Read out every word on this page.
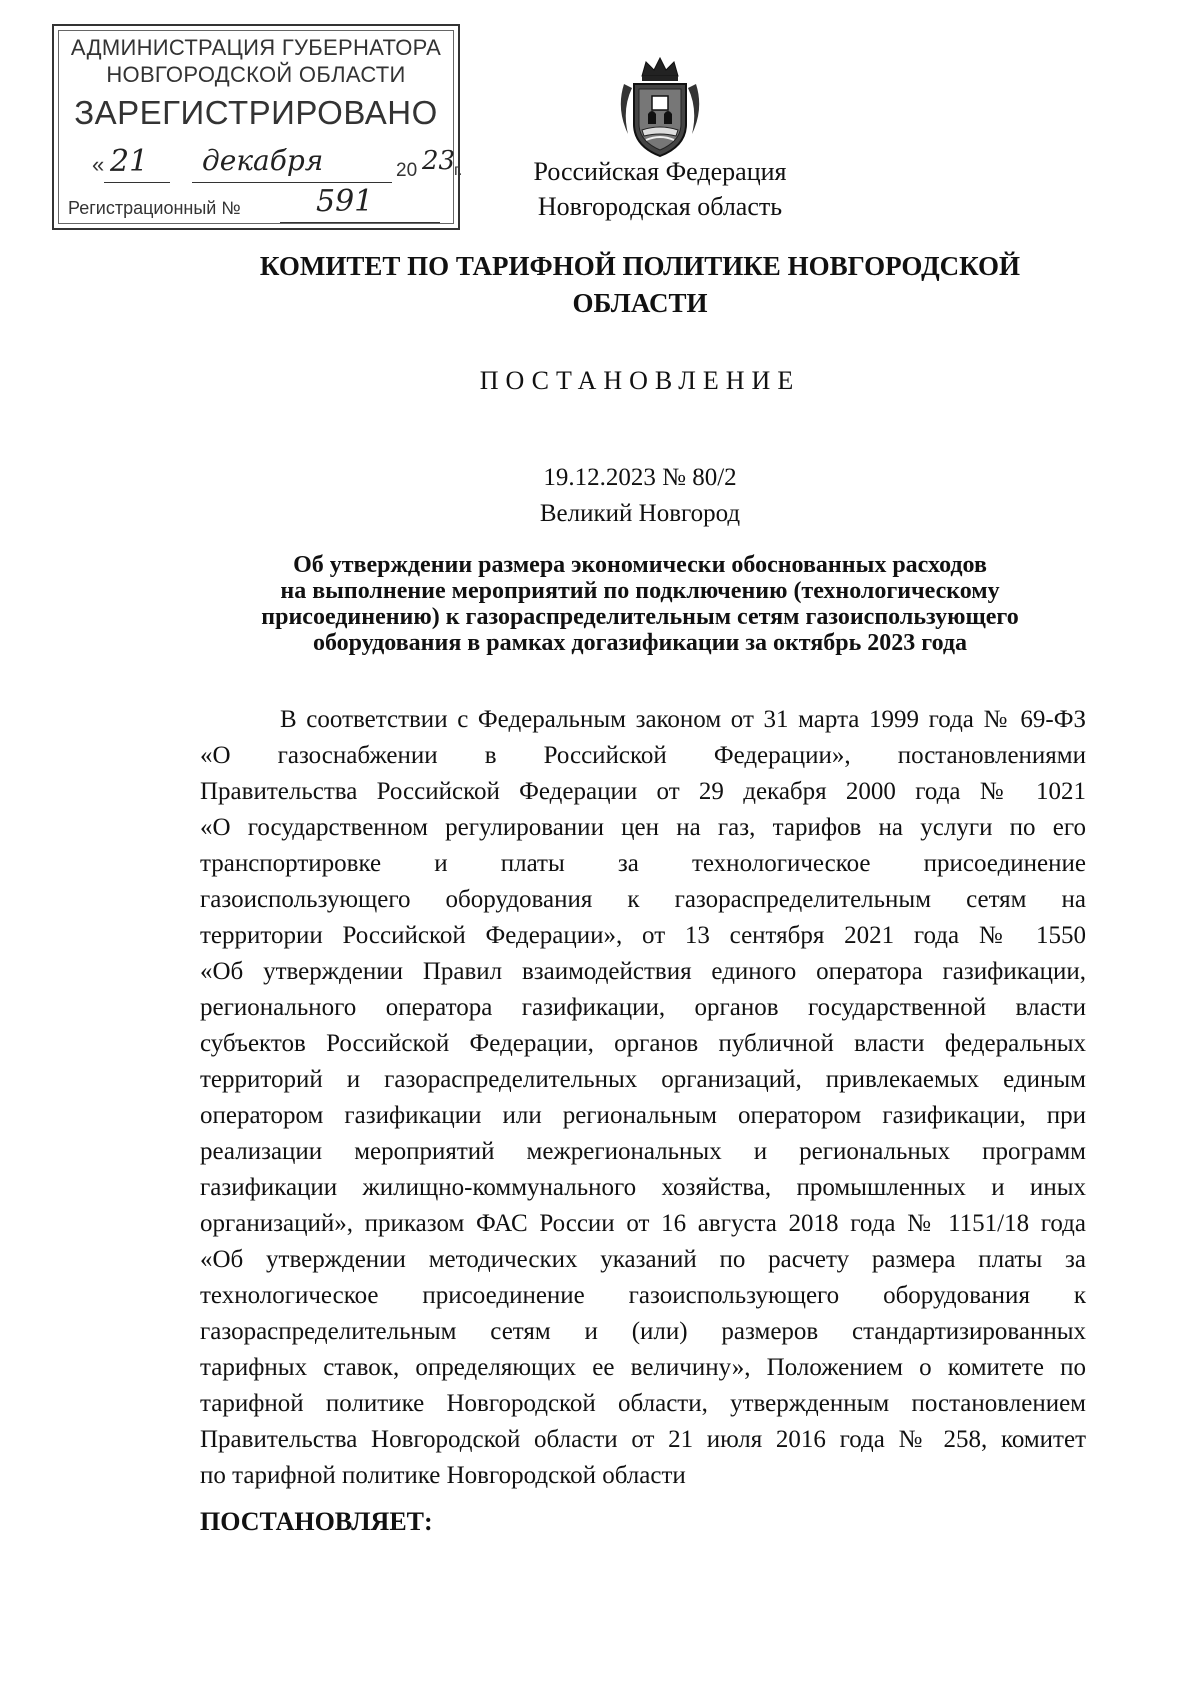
АДМИНИСТРАЦИЯ ГУБЕРНАТОРА
НОВГОРОДСКОЙ ОБЛАСТИ
ЗАРЕГИСТРИРОВАНО
« 21 декабря	20 23
г.
Регистрационный №	591
Российская Федерация
Новгородская область
КОМИТЕТ ПО ТАРИФНОЙ ПОЛИТИКЕ НОВГОРОДСКОЙ
ОБЛАСТИ
ПОСТАНОВЛЕНИЕ
19.12.2023 № 80/2
Великий Новгород
Об утверждении размера экономически обоснованных расходов
на выполнение мероприятий по подключению (технологическому
присоединению) к газораспределительным сетям газоиспользующего
оборудования в рамках догазификации за октябрь 2023 года
В соответствии с Федеральным законом от 31 марта 1999 года № 69-ФЗ
«О газоснабжении в Российской Федерации», постановлениями
Правительства Российской Федерации от 29 декабря 2000 года № 1021
«О государственном регулировании цен на газ, тарифов на услуги по его
транспортировке и платы за технологическое присоединение
газоиспользующего оборудования к газораспределительным сетям на
территории Российской Федерации», от 13 сентября 2021 года № 1550
«Об утверждении Правил взаимодействия единого оператора газификации,
регионального оператора газификации, органов государственной власти
субъектов Российской Федерации, органов публичной власти федеральных
территорий и газораспределительных организаций, привлекаемых единым
оператором газификации или региональным оператором газификации, при
реализации мероприятий межрегиональных и региональных программ
газификации жилищно-коммунального хозяйства, промышленных и иных
организаций», приказом ФАС России от 16 августа 2018 года № 1151/18 года
«Об утверждении методических указаний по расчету размера платы за
технологическое присоединение газоиспользующего оборудования к
газораспределительным сетям и (или) размеров стандартизированных
тарифных ставок, определяющих ее величину», Положением о комитете по
тарифной политике Новгородской области, утвержденным постановлением
Правительства Новгородской области от 21 июля 2016 года № 258, комитет
по тарифной политике Новгородской области
ПОСТАНОВЛЯЕТ:
